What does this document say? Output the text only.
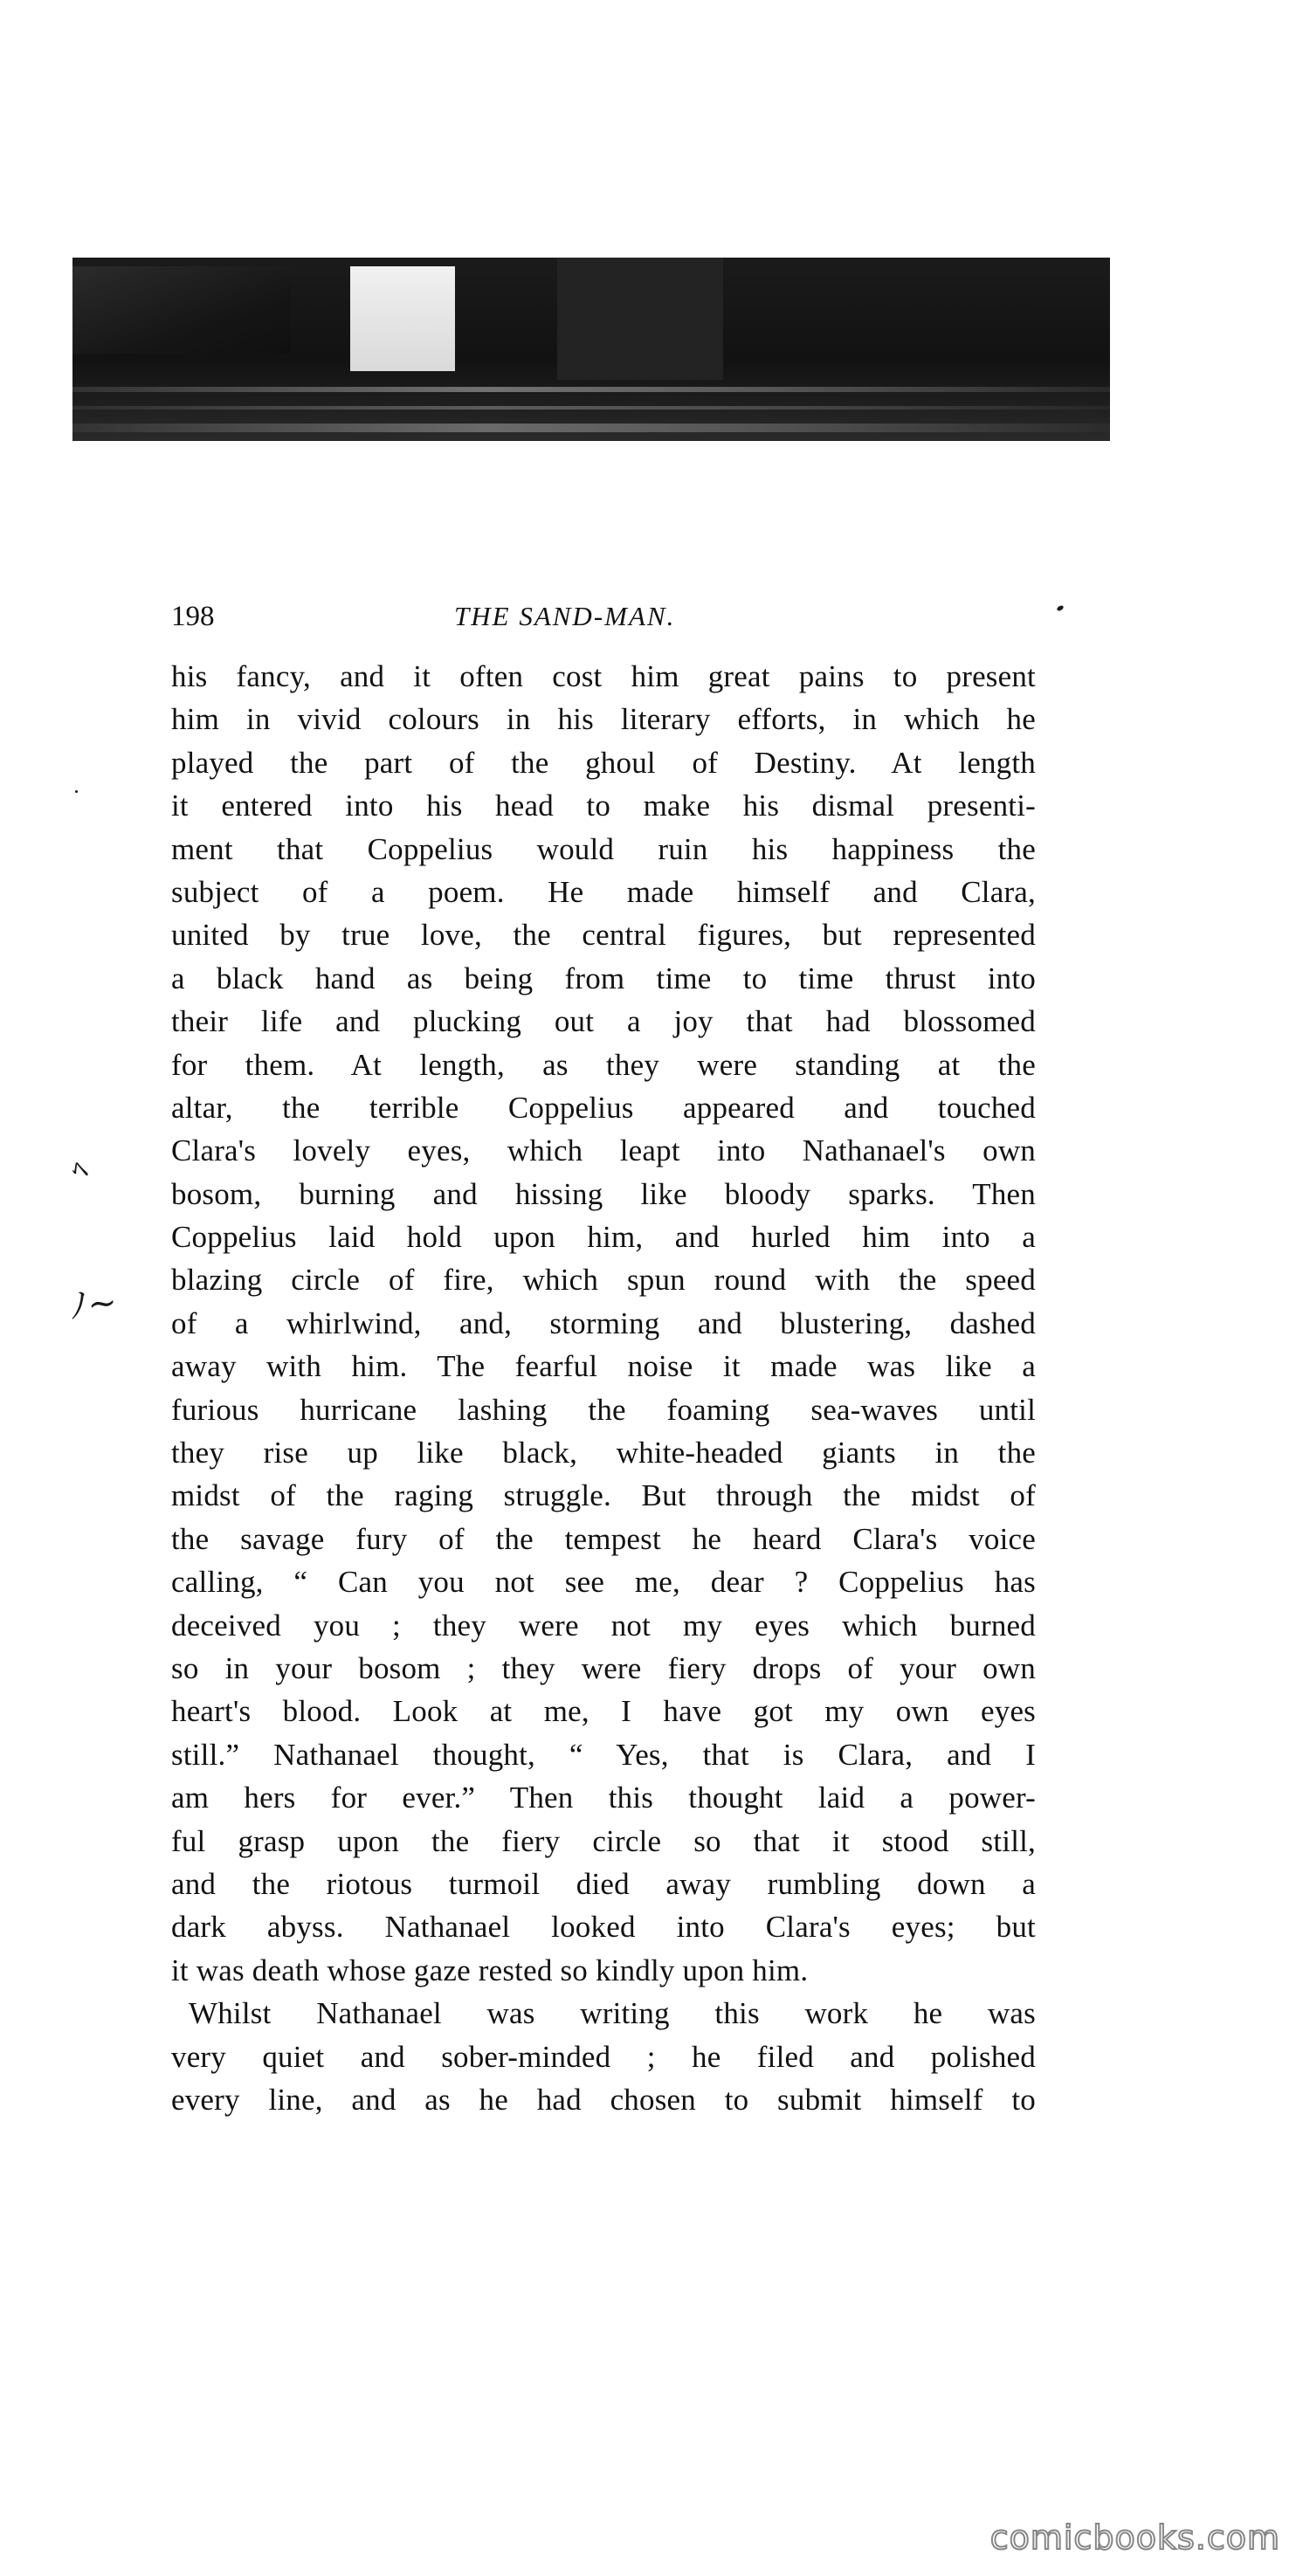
198	THE SAND-MAN.
ﾍ
ﾉ~
his fancy, and it often cost him great pains to present
him in vivid colours in his literary efforts, in which he
played the part of the ghoul of Destiny. At length
it entered into his head to make his dismal presenti-
ment that Coppelius would ruin his happiness the
subject of a poem. He made himself and Clara,
united by true love, the central figures, but represented
a black hand as being from time to time thrust into
their life and plucking out a joy that had blossomed
for them. At length, as they were standing at the
altar, the terrible Coppelius appeared and touched
Clara's lovely eyes, which leapt into Nathanael's own
bosom, burning and hissing like bloody sparks. Then
Coppelius laid hold upon him, and hurled him into a
blazing circle of fire, which spun round with the speed
of a whirlwind, and, storming and blustering, dashed
away with him. The fearful noise it made was like a
furious hurricane lashing the foaming sea-waves until
they rise up like black, white-headed giants in the
midst of the raging struggle. But through the midst of
the savage fury of the tempest he heard Clara's voice
calling, “ Can you not see me, dear ? Coppelius has
deceived you ; they were not my eyes which burned
so in your bosom ; they were fiery drops of your own
heart's blood. Look at me, I have got my own eyes
still.” Nathanael thought, “ Yes, that is Clara, and I
am hers for ever.” Then this thought laid a power-
ful grasp upon the fiery circle so that it stood still,
and the riotous turmoil died away rumbling down a
dark abyss. Nathanael looked into Clara's eyes; but
it was death whose gaze rested so kindly upon him.
Whilst Nathanael was writing this work he was
very quiet and sober-minded ; he filed and polished
every line, and as he had chosen to submit himself to
comicbooks.com
